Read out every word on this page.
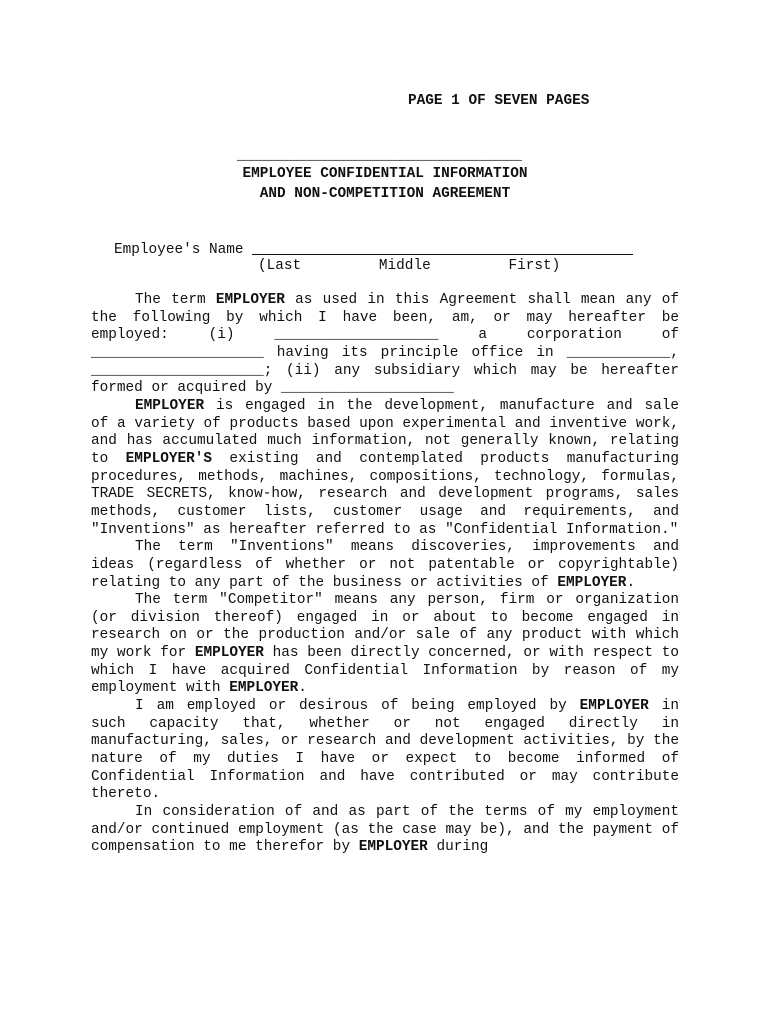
PAGE 1 OF SEVEN PAGES
_________________________________
EMPLOYEE CONFIDENTIAL INFORMATION
AND NON-COMPETITION AGREEMENT
Employee's Name
(Last         Middle         First)

The term EMPLOYER as used in this Agreement shall mean any of the following by which I have been, am, or may hereafter be employed: (i) ___________________ a corporation of ____________________ having its principle office in ____________, ____________________; (ii) any subsidiary which may be hereafter formed or acquired by ____________________

EMPLOYER is engaged in the development, manufacture and sale of a variety of products based upon experimental and inventive work, and has accumulated much information, not generally known, relating to EMPLOYER'S existing and contemplated products manufacturing procedures, methods, machines, compositions, technology, formulas, TRADE SECRETS, know-how, research and development programs, sales methods, customer lists, customer usage and requirements, and "Inventions" as hereafter referred to as "Confidential Information."

The term "Inventions" means discoveries, improvements and ideas (regardless of whether or not patentable or copyrightable) relating to any part of the business or activities of EMPLOYER.

The term "Competitor" means any person, firm or organization (or division thereof) engaged in or about to become engaged in research on or the production and/or sale of any product with which my work for EMPLOYER has been directly concerned, or with respect to which I have acquired Confidential Information by reason of my employment with EMPLOYER.

I am employed or desirous of being employed by EMPLOYER in such capacity that, whether or not engaged directly in manufacturing, sales, or research and development activities, by the nature of my duties I have or expect to become informed of Confidential Information and have contributed or may contribute thereto.

In consideration of and as part of the terms of my employment and/or continued employment (as the case may be), and the payment of compensation to me therefor by EMPLOYER during
